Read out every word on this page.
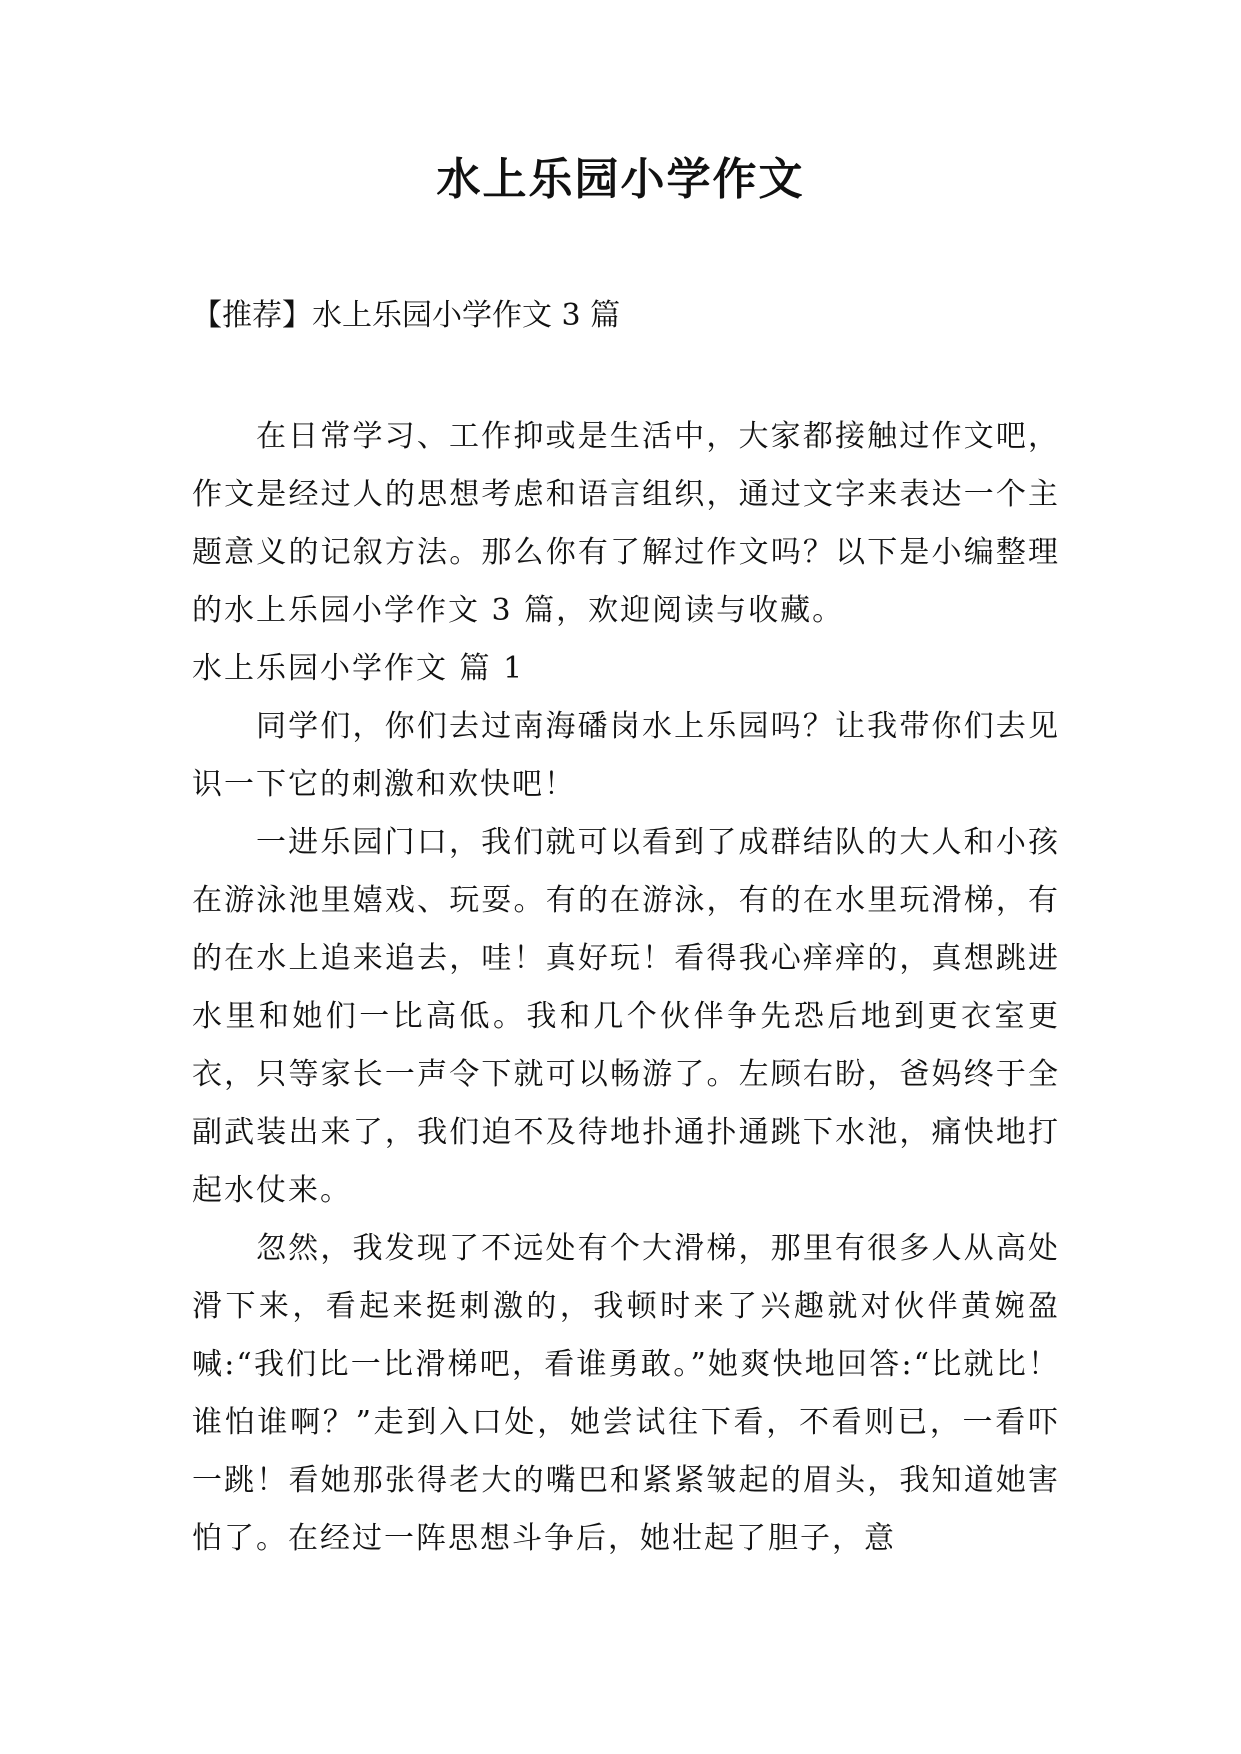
水上乐园小学作文

【推荐】水上乐园小学作文 3 篇

在日常学习、工作抑或是生活中，大家都接触过作文吧，作文是经过人的思想考虑和语言组织，通过文字来表达一个主题意义的记叙方法。那么你有了解过作文吗？以下是小编整理的水上乐园小学作文 3 篇，欢迎阅读与收藏。

水上乐园小学作文 篇 1

同学们，你们去过南海磻岗水上乐园吗？让我带你们去见识一下它的刺激和欢快吧！

一进乐园门口，我们就可以看到了成群结队的大人和小孩在游泳池里嬉戏、玩耍。有的在游泳，有的在水里玩滑梯，有的在水上追来追去，哇！真好玩！看得我心痒痒的，真想跳进水里和她们一比高低。我和几个伙伴争先恐后地到更衣室更衣，只等家长一声令下就可以畅游了。左顾右盼，爸妈终于全副武装出来了，我们迫不及待地扑通扑通跳下水池，痛快地打起水仗来。

忽然，我发现了不远处有个大滑梯，那里有很多人从高处滑下来，看起来挺刺激的，我顿时来了兴趣就对伙伴黄婉盈喊:“我们比一比滑梯吧，看谁勇敢。”她爽快地回答:“比就比！谁怕谁啊？”走到入口处，她尝试往下看，不看则已，一看吓一跳！看她那张得老大的嘴巴和紧紧皱起的眉头，我知道她害怕了。在经过一阵思想斗争后，她壮起了胆子，意
